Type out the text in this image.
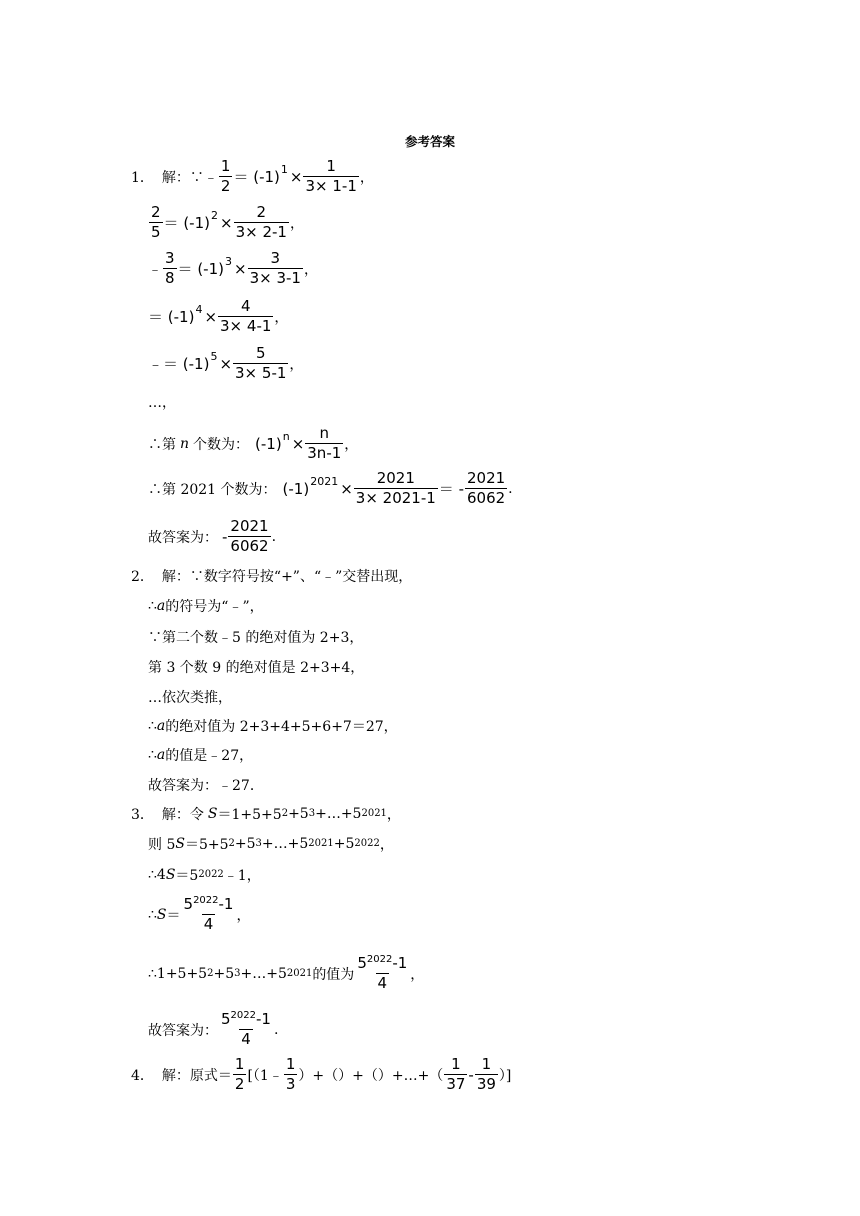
参考答案
1． 解：∵﹣ $\frac{1}{2} = (-1) 1 \times \frac{1}{3\times 1-1}$ ，
$\frac{2}{5} = (-1) 2 \times \frac{2}{3\times 2-1}$ ，
﹣ $\frac{3}{8} = (-1) 3 \times \frac{3}{3\times 3-1}$ ，
＝ (-1) $4 \times \frac{4}{3\times 4-1}$ ，
﹣＝ (-1) $5 \times \frac{5}{3\times 5-1}$ ，
…，
∴第 n 个数为： (-1) $n \times \frac{n}{3n-1}$ ，
∴第 2021 个数为： (-1) $2021 \times \frac{2021}{3\times 2021-1}$ ＝ - $\frac{2021}{6062}$ .
故答案为： - $\frac{2021}{6062}$ .
2． 解：∵数字符号按“+”、“﹣”交替出现，
∴ a 的符号为“﹣”，
∵第二个数﹣5 的绝对值为 2+3，
第 3 个数 9 的绝对值是 2+3+4，
…依次类推，
∴ a 的绝对值为 2+3+4+5+6+7＝27，
∴ a 的值是﹣27，
故答案为：﹣27．
3． 解：令 S ＝1+5+5 2 +5 3 +…+5 2021 ，
则 5 S ＝5+5 2 +5 3 +…+5 2021 +5 2022 ，
∴4 S ＝5 2022 ﹣1，
∴ $S = \frac{5^{2022}-1}{4}$ ，
∴1+5+5 2 +5 3 +…+5 2021 的值为 $\frac{5^{2022}-1}{4}$ ，
故答案为： $\frac{5^{2022}-1}{4}$ .
4． 解：原式＝ $\frac{1}{2}$ [（1﹣ $\frac{1}{3}$ ）+（）+（）+…+（ $\frac{1}{37} - \frac{1}{39}$ ）]
